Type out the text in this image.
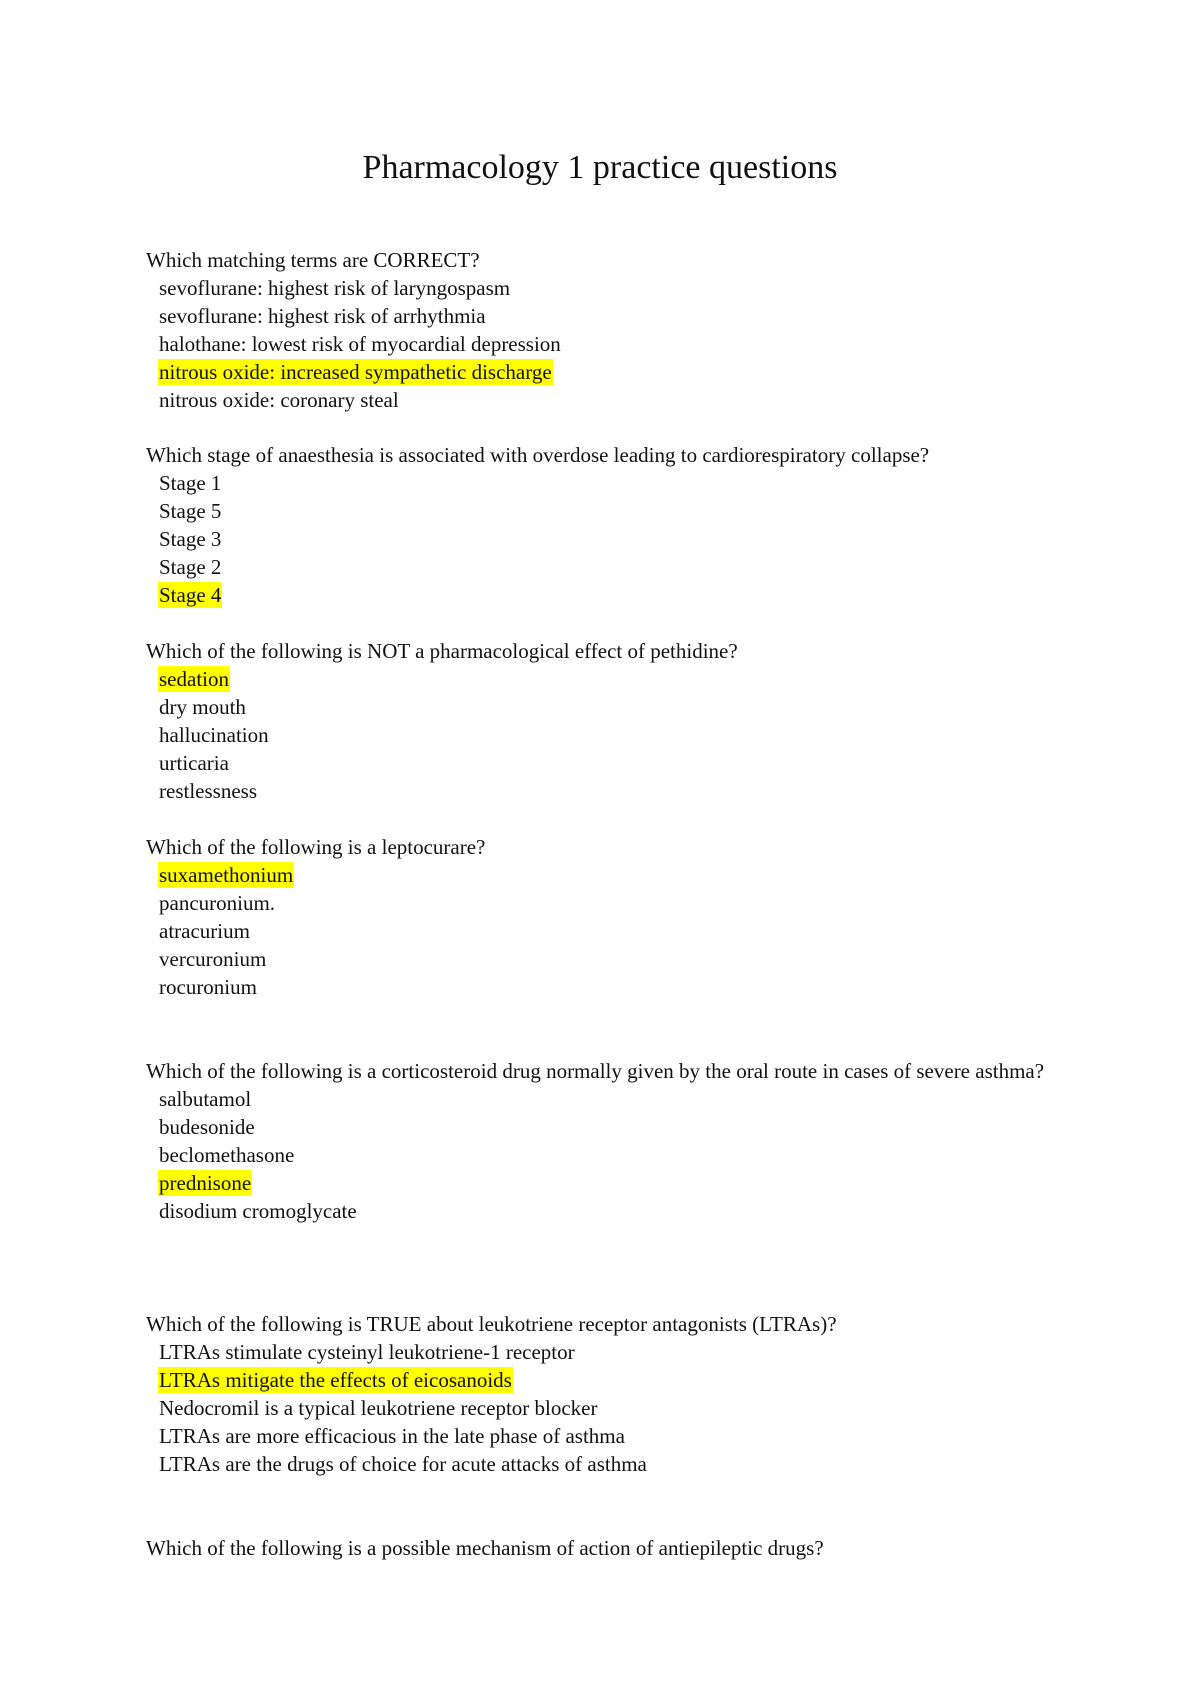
Pharmacology 1 practice questions

Which matching terms are CORRECT?

sevoflurane: highest risk of laryngospasm
sevoflurane: highest risk of arrhythmia
halothane: lowest risk of myocardial depression
nitrous oxide: increased sympathetic discharge
nitrous oxide: coronary steal

Which stage of anaesthesia is associated with overdose leading to cardiorespiratory collapse?

Stage 1
Stage 5
Stage 3
Stage 2
Stage 4

Which of the following is NOT a pharmacological effect of pethidine?

sedation
dry mouth
hallucination
urticaria
restlessness

Which of the following is a leptocurare?

suxamethonium
pancuronium.
atracurium
vercuronium
rocuronium

Which of the following is a corticosteroid drug normally given by the oral route in cases of severe asthma?

salbutamol
budesonide
beclomethasone
prednisone
disodium cromoglycate

Which of the following is TRUE about leukotriene receptor antagonists (LTRAs)?

LTRAs stimulate cysteinyl leukotriene-1 receptor
LTRAs mitigate the effects of eicosanoids
Nedocromil is a typical leukotriene receptor blocker
LTRAs are more efficacious in the late phase of asthma
LTRAs are the drugs of choice for acute attacks of asthma

Which of the following is a possible mechanism of action of antiepileptic drugs?
